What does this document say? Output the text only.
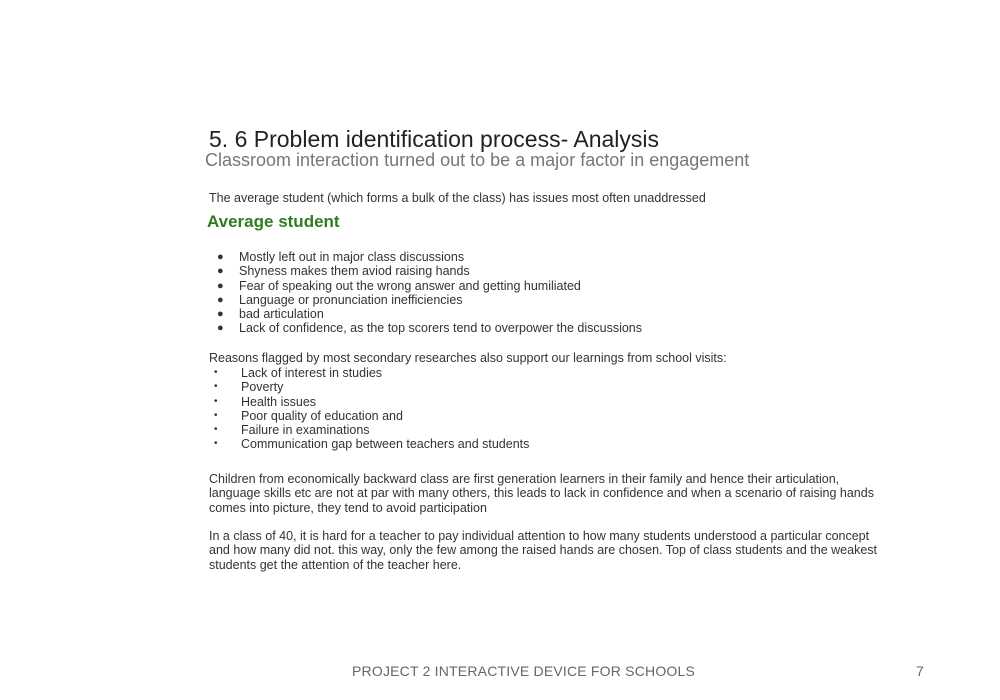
5. 6 Problem identification process- Analysis
Classroom interaction turned out to be a major factor in engagement
The average student (which forms a bulk of the class) has issues most often unaddressed
Average student
● Mostly left out in major class discussions
● Shyness makes them aviod raising hands
● Fear of speaking out the wrong answer and getting humiliated
● Language or pronunciation inefficiencies
● bad articulation
● Lack of confidence, as the top scorers tend to overpower the discussions
Reasons flagged by most secondary researches also support our learnings from school visits:
• Lack of interest in studies
• Poverty
• Health issues
• Poor quality of education and
• Failure in examinations
• Communication gap between teachers and students

Children from economically backward class are first generation learners in their family and hence their articulation, language skills etc are not at par with many others, this leads to lack in confidence and when a scenario of raising hands comes into picture, they tend to avoid participation

In a class of 40, it is hard for a teacher to pay individual attention to how many students understood a particular concept and how many did not. this way, only the few among the raised hands are chosen. Top of class students and the weakest students get the attention of the teacher here.

PROJECT 2 INTERACTIVE DEVICE FOR SCHOOLS	7
